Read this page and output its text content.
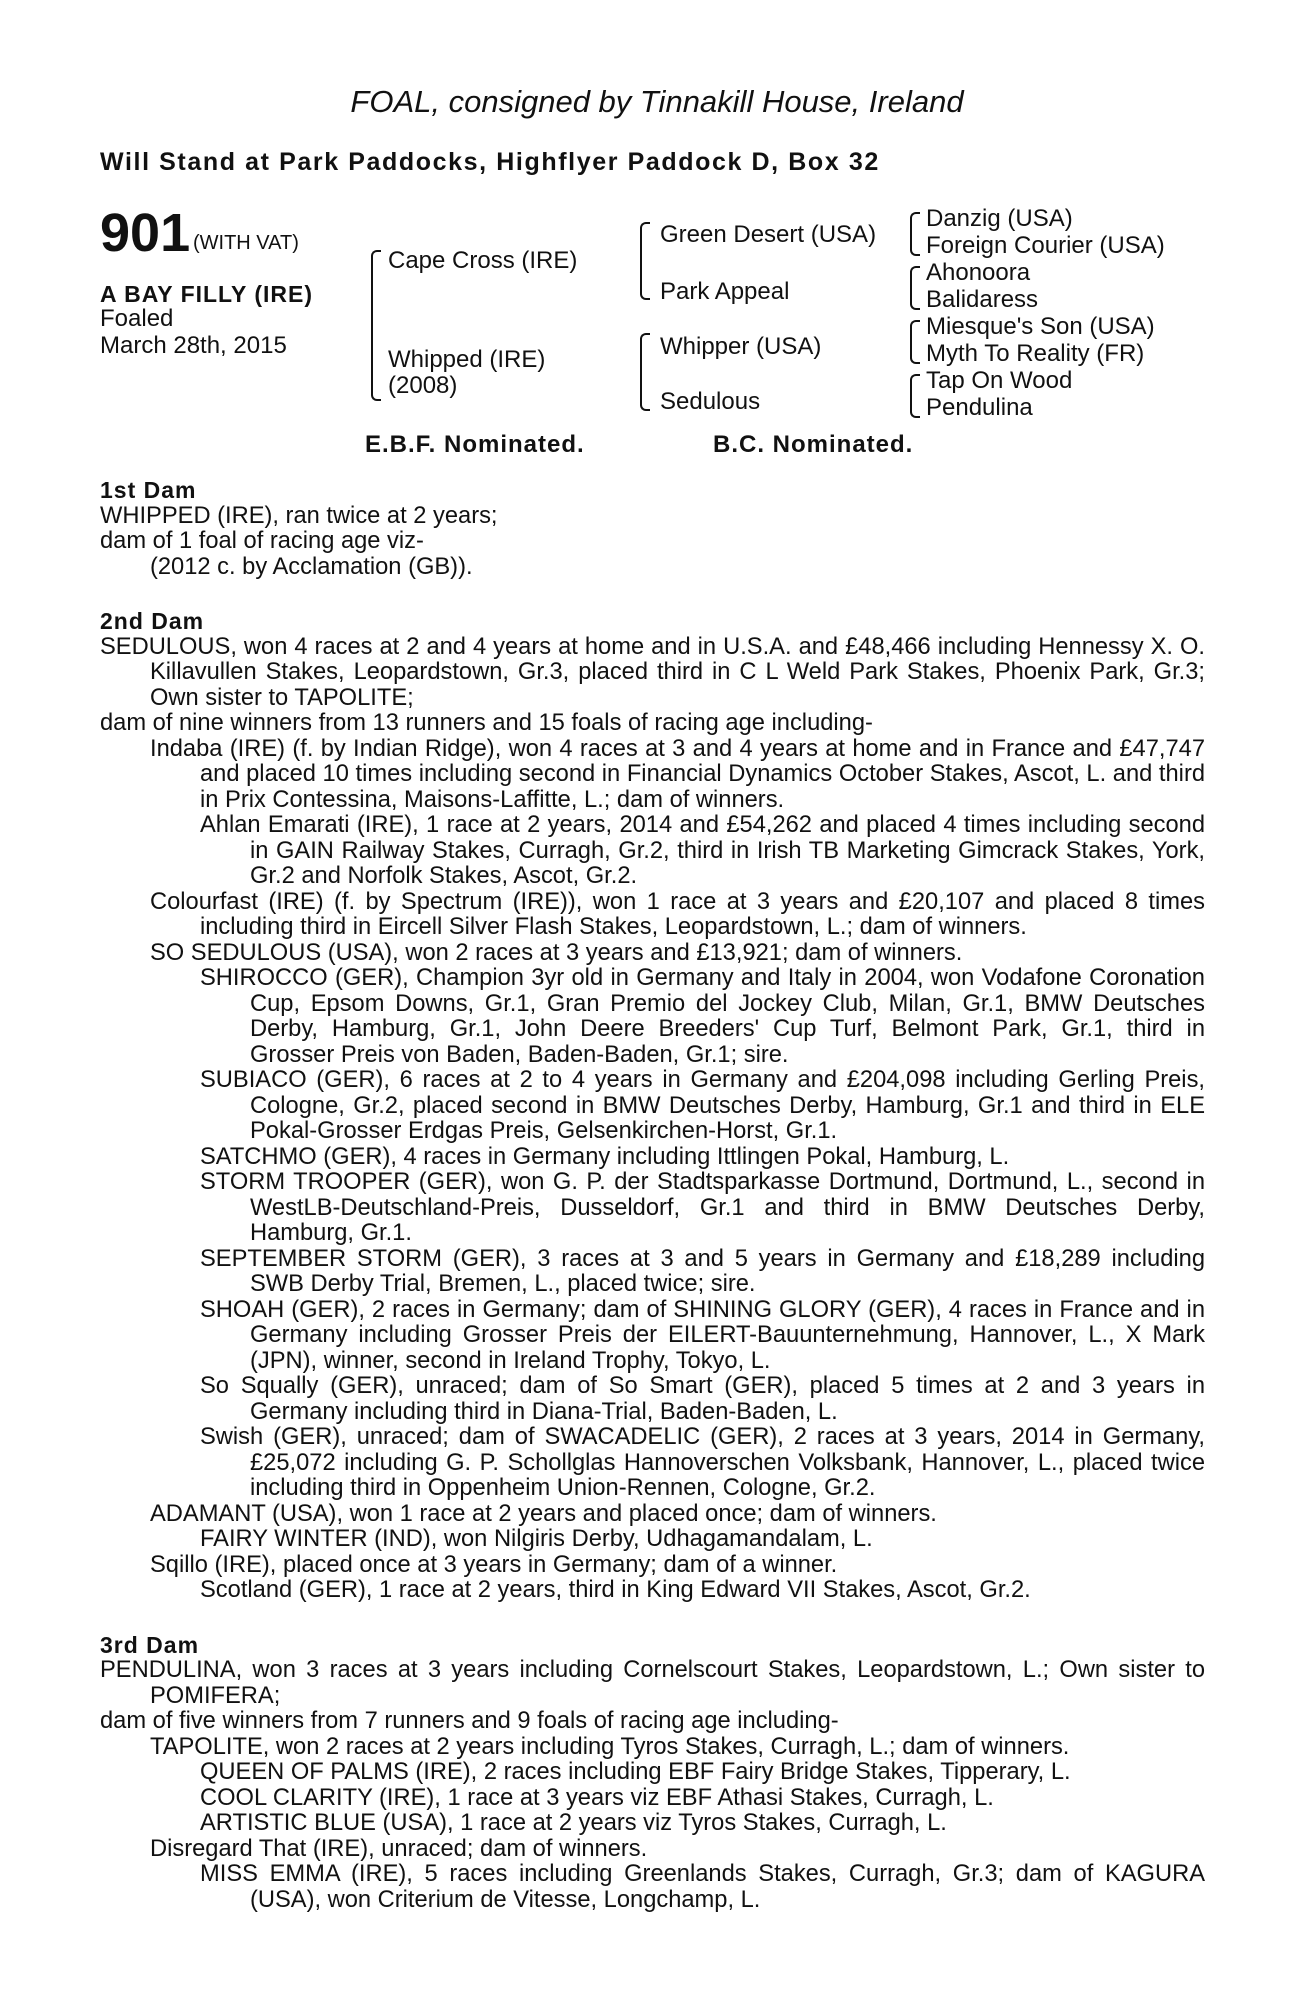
FOAL, consigned by Tinnakill House, Ireland
Will Stand at Park Paddocks, Highflyer Paddock D, Box 32
901 (WITH VAT)
A BAY FILLY (IRE)
Foaled
March 28th, 2015
Cape Cross (IRE)
Whipped (IRE)
(2008)
Green Desert (USA)
Park Appeal
Whipper (USA)
Sedulous
Danzig (USA)
Foreign Courier (USA)
Ahonoora
Balidaress
Miesque's Son (USA)
Myth To Reality (FR)
Tap On Wood
Pendulina
E.B.F. Nominated.	B.C. Nominated.

1st Dam

WHIPPED (IRE), ran twice at 2 years;

dam of 1 foal of racing age viz-

(2012 c. by Acclamation (GB)).

2nd Dam

SEDULOUS, won 4 races at 2 and 4 years at home and in U.S.A. and £48,466 including Hennessy X. O. Killavullen Stakes, Leopardstown, Gr.3, placed third in C L Weld Park Stakes, Phoenix Park, Gr.3; Own sister to TAPOLITE;

dam of nine winners from 13 runners and 15 foals of racing age including-

Indaba (IRE) (f. by Indian Ridge), won 4 races at 3 and 4 years at home and in France and £47,747 and placed 10 times including second in Financial Dynamics October Stakes, Ascot, L. and third in Prix Contessina, Maisons-Laffitte, L.; dam of winners.

Ahlan Emarati (IRE), 1 race at 2 years, 2014 and £54,262 and placed 4 times including second in GAIN Railway Stakes, Curragh, Gr.2, third in Irish TB Marketing Gimcrack Stakes, York, Gr.2 and Norfolk Stakes, Ascot, Gr.2.

Colourfast (IRE) (f. by Spectrum (IRE)), won 1 race at 3 years and £20,107 and placed 8 times including third in Eircell Silver Flash Stakes, Leopardstown, L.; dam of winners.

SO SEDULOUS (USA), won 2 races at 3 years and £13,921; dam of winners.

SHIROCCO (GER), Champion 3yr old in Germany and Italy in 2004, won Vodafone Coronation Cup, Epsom Downs, Gr.1, Gran Premio del Jockey Club, Milan, Gr.1, BMW Deutsches Derby, Hamburg, Gr.1, John Deere Breeders' Cup Turf, Belmont Park, Gr.1, third in Grosser Preis von Baden, Baden-Baden, Gr.1; sire.

SUBIACO (GER), 6 races at 2 to 4 years in Germany and £204,098 including Gerling Preis, Cologne, Gr.2, placed second in BMW Deutsches Derby, Hamburg, Gr.1 and third in ELE Pokal-Grosser Erdgas Preis, Gelsenkirchen-Horst, Gr.1.

SATCHMO (GER), 4 races in Germany including Ittlingen Pokal, Hamburg, L.

STORM TROOPER (GER), won G. P. der Stadtsparkasse Dortmund, Dortmund, L., second in WestLB-Deutschland-Preis, Dusseldorf, Gr.1 and third in BMW Deutsches Derby, Hamburg, Gr.1.

SEPTEMBER STORM (GER), 3 races at 3 and 5 years in Germany and £18,289 including SWB Derby Trial, Bremen, L., placed twice; sire.

SHOAH (GER), 2 races in Germany; dam of SHINING GLORY (GER), 4 races in France and in Germany including Grosser Preis der EILERT-Bauunternehmung, Hannover, L., X Mark (JPN), winner, second in Ireland Trophy, Tokyo, L.

So Squally (GER), unraced; dam of So Smart (GER), placed 5 times at 2 and 3 years in Germany including third in Diana-Trial, Baden-Baden, L.

Swish (GER), unraced; dam of SWACADELIC (GER), 2 races at 3 years, 2014 in Germany, £25,072 including G. P. Schollglas Hannoverschen Volksbank, Hannover, L., placed twice including third in Oppenheim Union-Rennen, Cologne, Gr.2.

ADAMANT (USA), won 1 race at 2 years and placed once; dam of winners.

FAIRY WINTER (IND), won Nilgiris Derby, Udhagamandalam, L.

Sqillo (IRE), placed once at 3 years in Germany; dam of a winner.

Scotland (GER), 1 race at 2 years, third in King Edward VII Stakes, Ascot, Gr.2.

3rd Dam

PENDULINA, won 3 races at 3 years including Cornelscourt Stakes, Leopardstown, L.; Own sister to POMIFERA;

dam of five winners from 7 runners and 9 foals of racing age including-

TAPOLITE, won 2 races at 2 years including Tyros Stakes, Curragh, L.; dam of winners.

QUEEN OF PALMS (IRE), 2 races including EBF Fairy Bridge Stakes, Tipperary, L.

COOL CLARITY (IRE), 1 race at 3 years viz EBF Athasi Stakes, Curragh, L.

ARTISTIC BLUE (USA), 1 race at 2 years viz Tyros Stakes, Curragh, L.

Disregard That (IRE), unraced; dam of winners.

MISS EMMA (IRE), 5 races including Greenlands Stakes, Curragh, Gr.3; dam of KAGURA (USA), won Criterium de Vitesse, Longchamp, L.
